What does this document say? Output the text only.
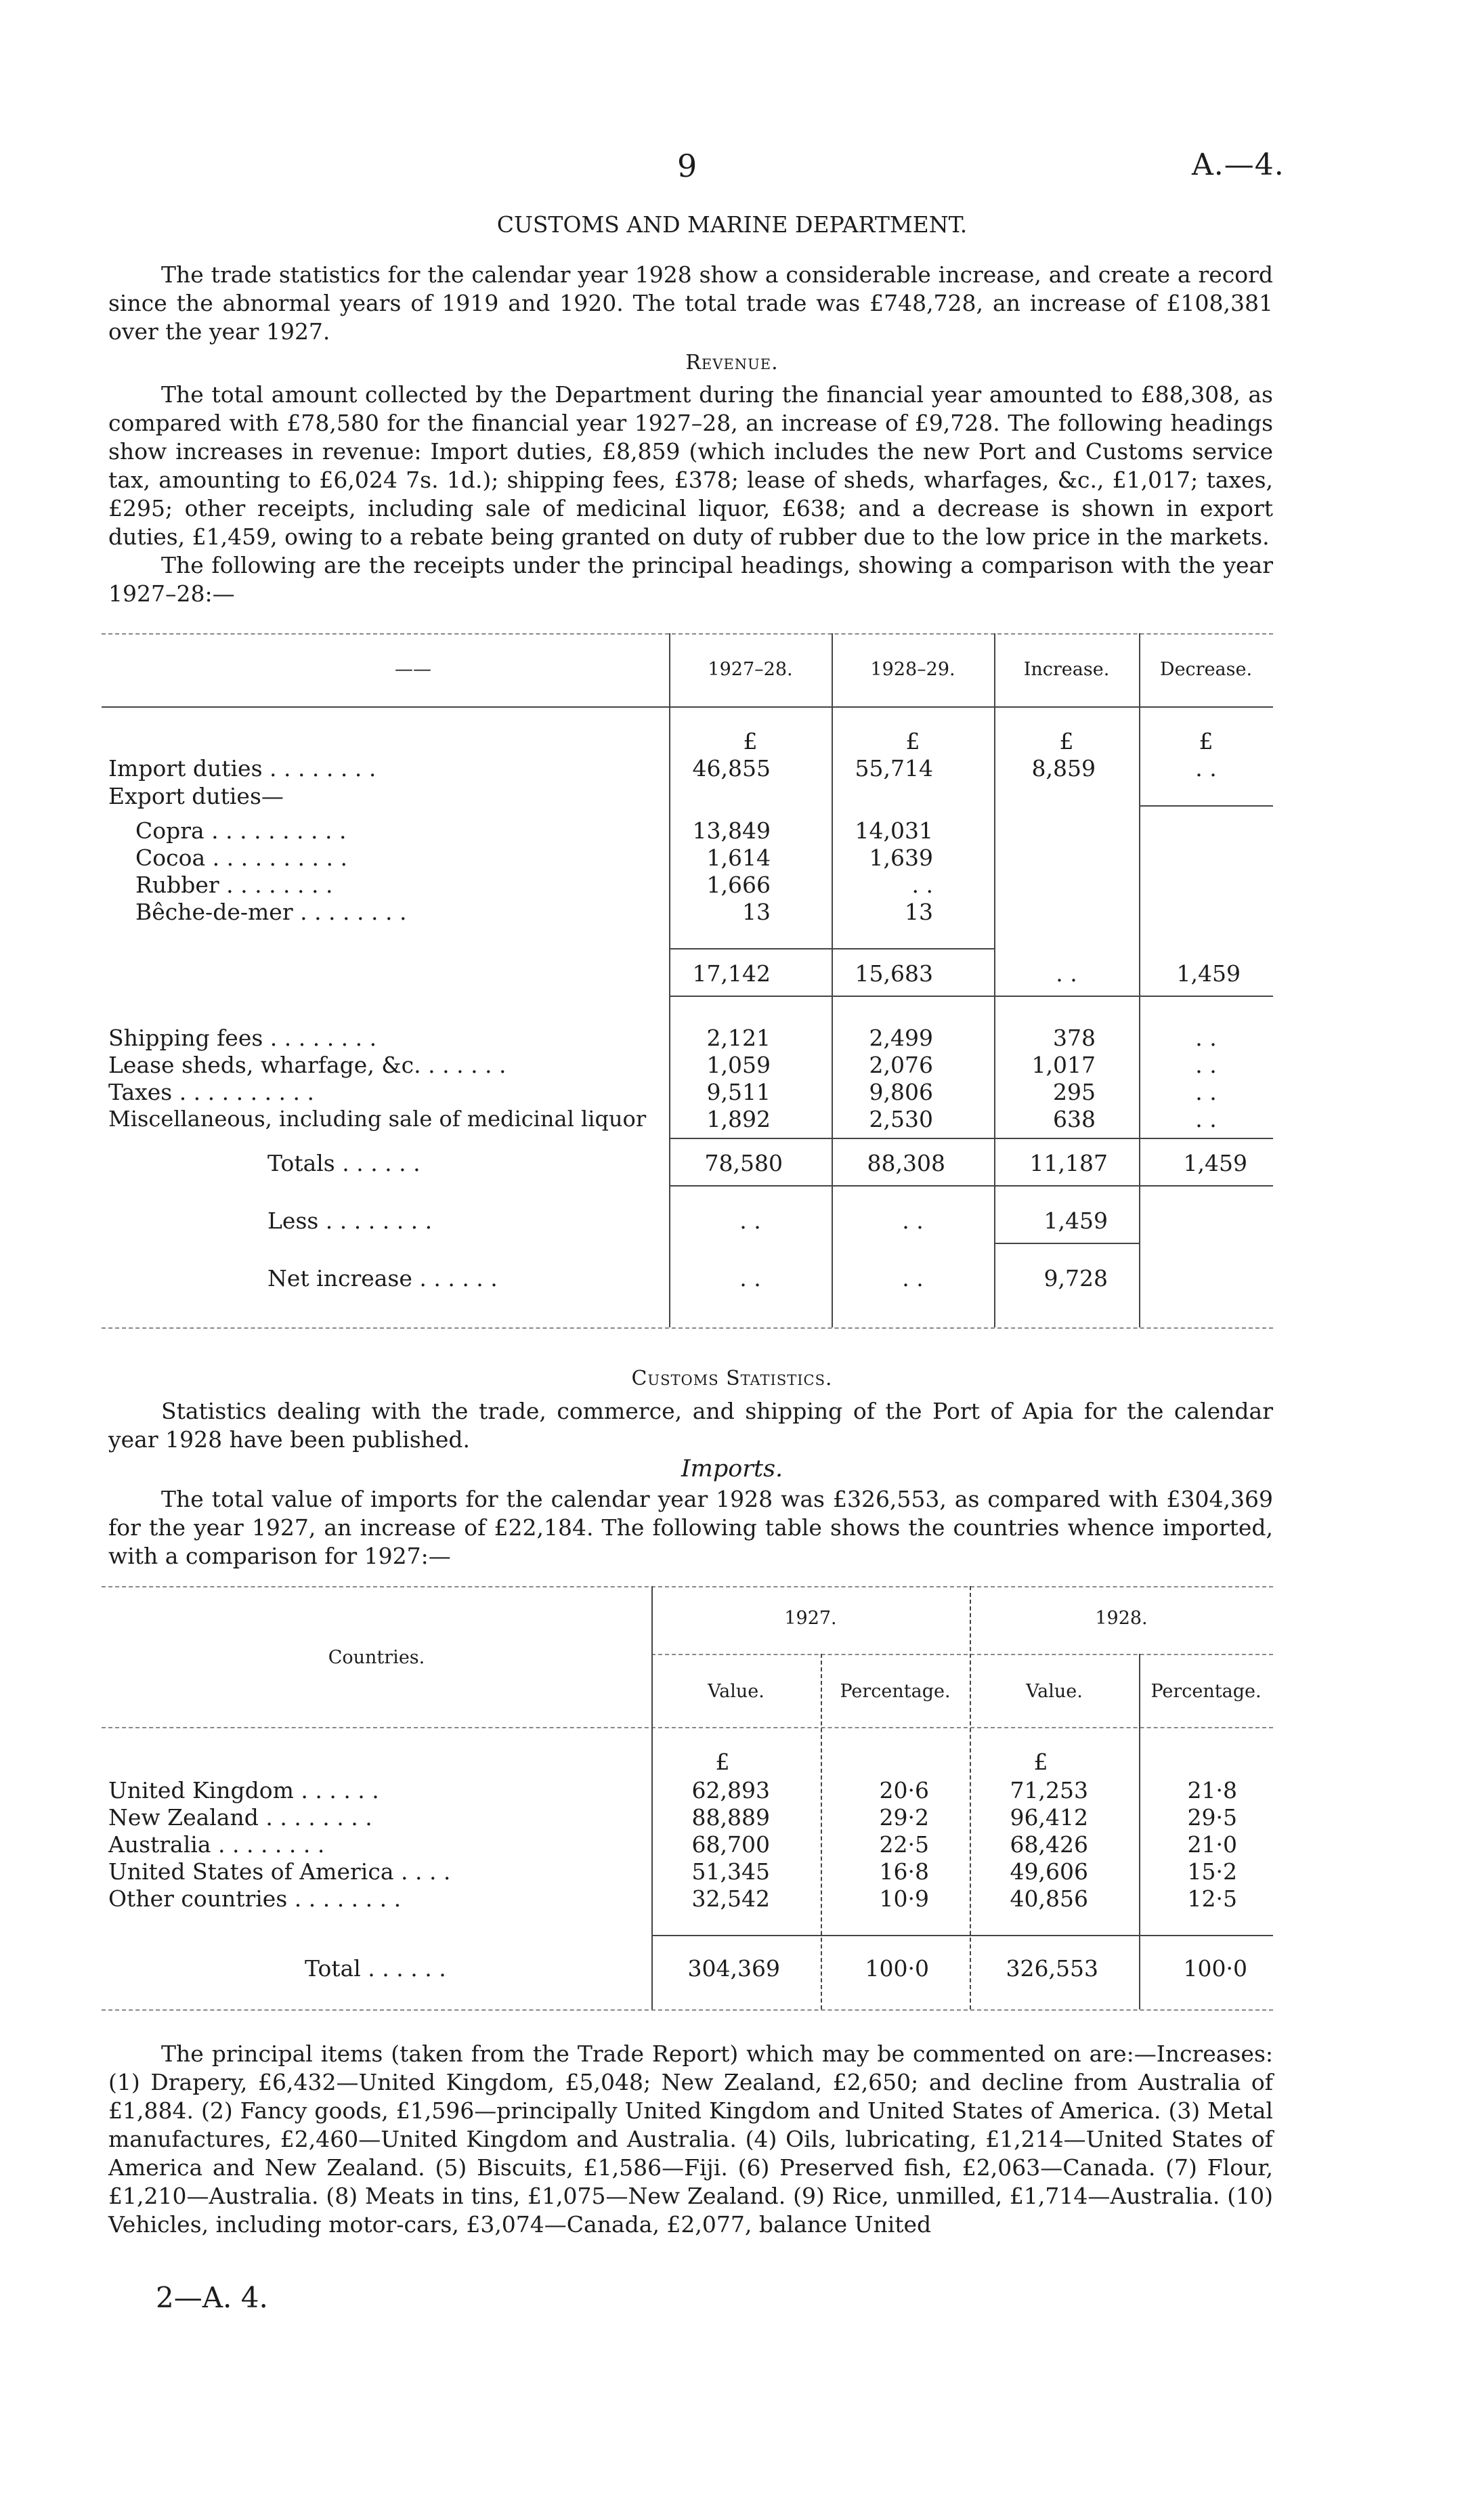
9	A.—4.
CUSTOMS AND MARINE DEPARTMENT.

The trade statistics for the calendar year 1928 show a considerable increase, and create a record since the abnormal years of 1919 and 1920. The total trade was £748,728, an increase of £108,381 over the year 1927.

Revenue.

The total amount collected by the Department during the financial year amounted to £88,308, as compared with £78,580 for the financial year 1927–28, an increase of £9,728. The following headings show increases in revenue: Import duties, £8,859 (which includes the new Port and Customs service tax, amounting to £6,024 7s. 1d.); shipping fees, £378; lease of sheds, wharfages, &c., £1,017; taxes, £295; other receipts, including sale of medicinal liquor, £638; and a decrease is shown in export duties, £1,459, owing to a rebate being granted on duty of rubber due to the low price in the markets.

The following are the receipts under the principal headings, showing a comparison with the year 1927–28:—

——	1927–28.	1928–29.	Increase.	Decrease.
£	£	£	£
Import duties . . . . . . . .	46,855	55,714	8,859	. .
Export duties—
Copra . . . . . . . . . .	13,849	14,031
Cocoa . . . . . . . . . .	1,614	1,639
Rubber . . . . . . . .	1,666	. .
Bêche-de-mer . . . . . . . .	13	13
17,142	15,683	. .	1,459
Shipping fees . . . . . . . .	2,121	2,499	378	. .
Lease sheds, wharfage, &c. . . . . . .	1,059	2,076	1,017	. .
Taxes . . . . . . . . . .	9,511	9,806	295	. .
Miscellaneous, including sale of medicinal liquor	1,892	2,530	638	. .
Totals . . . . . .	78,580	88,308	11,187	1,459
Less . . . . . . . .	. .	. .	1,459
Net increase . . . . . .	. .	. .	9,728
Customs Statistics.

Statistics dealing with the trade, commerce, and shipping of the Port of Apia for the calendar year 1928 have been published.

Imports.

The total value of imports for the calendar year 1928 was £326,553, as compared with £304,369 for the year 1927, an increase of £22,184. The following table shows the countries whence imported, with a comparison for 1927:—

Countries.
1927.	1928.
Value.	Percentage.	Value.	Percentage.
£	£
United Kingdom . . . . . .	62,893	20·6	71,253	21·8
New Zealand . . . . . . . .	88,889	29·2	96,412	29·5
Australia . . . . . . . .	68,700	22·5	68,426	21·0
United States of America . . . .	51,345	16·8	49,606	15·2
Other countries . . . . . . . .	32,542	10·9	40,856	12·5
Total . . . . . .	304,369	100·0	326,553	100·0

The principal items (taken from the Trade Report) which may be commented on are:—Increases: (1) Drapery, £6,432—United Kingdom, £5,048; New Zealand, £2,650; and decline from Australia of £1,884. (2) Fancy goods, £1,596—principally United Kingdom and United States of America. (3) Metal manufactures, £2,460—United Kingdom and Australia. (4) Oils, lubricating, £1,214—United States of America and New Zealand. (5) Biscuits, £1,586—Fiji. (6) Preserved fish, £2,063—Canada. (7) Flour, £1,210—Australia. (8) Meats in tins, £1,075—New Zealand. (9) Rice, unmilled, £1,714—Australia. (10) Vehicles, including motor-cars, £3,074—Canada, £2,077, balance United

2—A. 4.
